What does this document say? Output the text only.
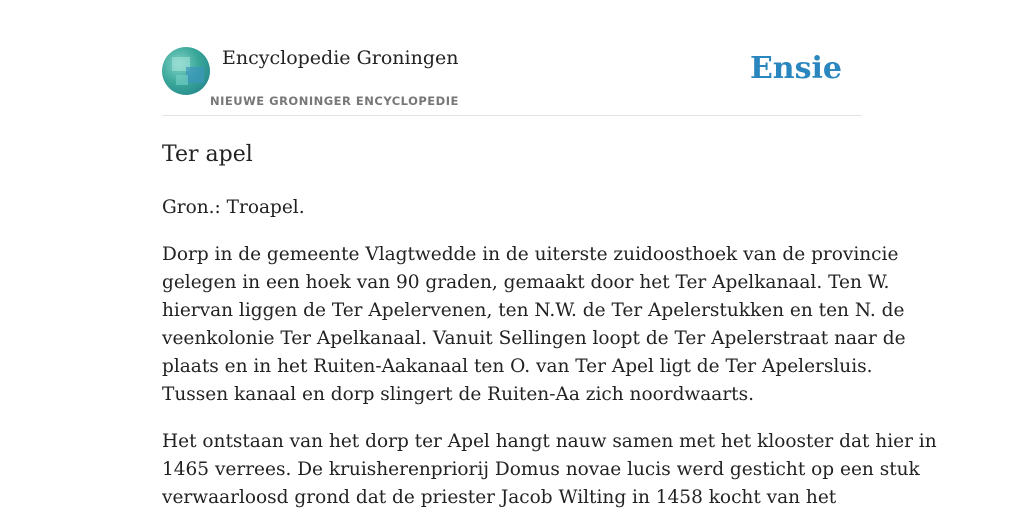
Encyclopedie Groningen
NIEUWE GRONINGER ENCYCLOPEDIE
Ensie
Ter apel

Gron.: Troapel.

Dorp in de gemeente Vlagtwedde in de uiterste zuidoosthoek van de provincie
gelegen in een hoek van 90 graden, gemaakt door het Ter Apelkanaal. Ten W.
hiervan liggen de Ter Apelervenen, ten N.W. de Ter Apelerstukken en ten N. de
veenkolonie Ter Apelkanaal. Vanuit Sellingen loopt de Ter Apelerstraat naar de
plaats en in het Ruiten-Aakanaal ten O. van Ter Apel ligt de Ter Apelersluis.
Tussen kanaal en dorp slingert de Ruiten-Aa zich noordwaarts.

Het ontstaan van het dorp ter Apel hangt nauw samen met het klooster dat hier in
1465 verrees. De kruisherenpriorij Domus novae lucis werd gesticht op een stuk
verwaarloosd grond dat de priester Jacob Wilting in 1458 kocht van het
